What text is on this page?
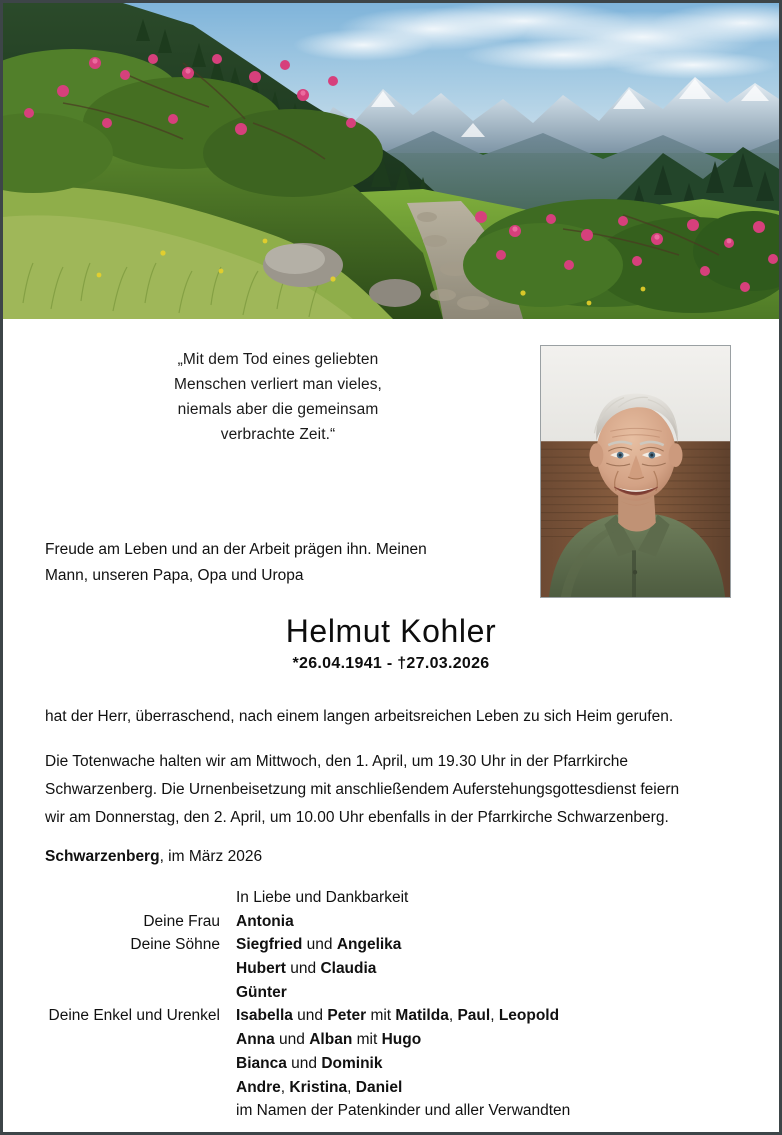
„Mit dem Tod eines geliebten
Menschen verliert man vieles,
niemals aber die gemeinsam
verbrachte Zeit.“
Freude am Leben und an der Arbeit prägen ihn. Meinen
Mann, unseren Papa, Opa und Uropa
Helmut Kohler
*26.04.1941 - †27.03.2026
hat der Herr, überraschend, nach einem langen arbeitsreichen Leben zu sich Heim gerufen.
Die Totenwache halten wir am Mittwoch, den 1. April, um 19.30 Uhr in der Pfarrkirche
Schwarzenberg. Die Urnenbeisetzung mit anschließendem Auferstehungsgottesdienst feiern
wir am Donnerstag, den 2. April, um 10.00 Uhr ebenfalls in der Pfarrkirche Schwarzenberg.
Schwarzenberg, im März 2026
In Liebe und Dankbarkeit
Deine Frau	Antonia
Deine Söhne	Siegfried und Angelika
Hubert und Claudia
Günter
Deine Enkel und Urenkel	Isabella und Peter mit Matilda, Paul, Leopold
Anna und Alban mit Hugo
Bianca und Dominik
Andre, Kristina, Daniel
im Namen der Patenkinder und aller Verwandten
